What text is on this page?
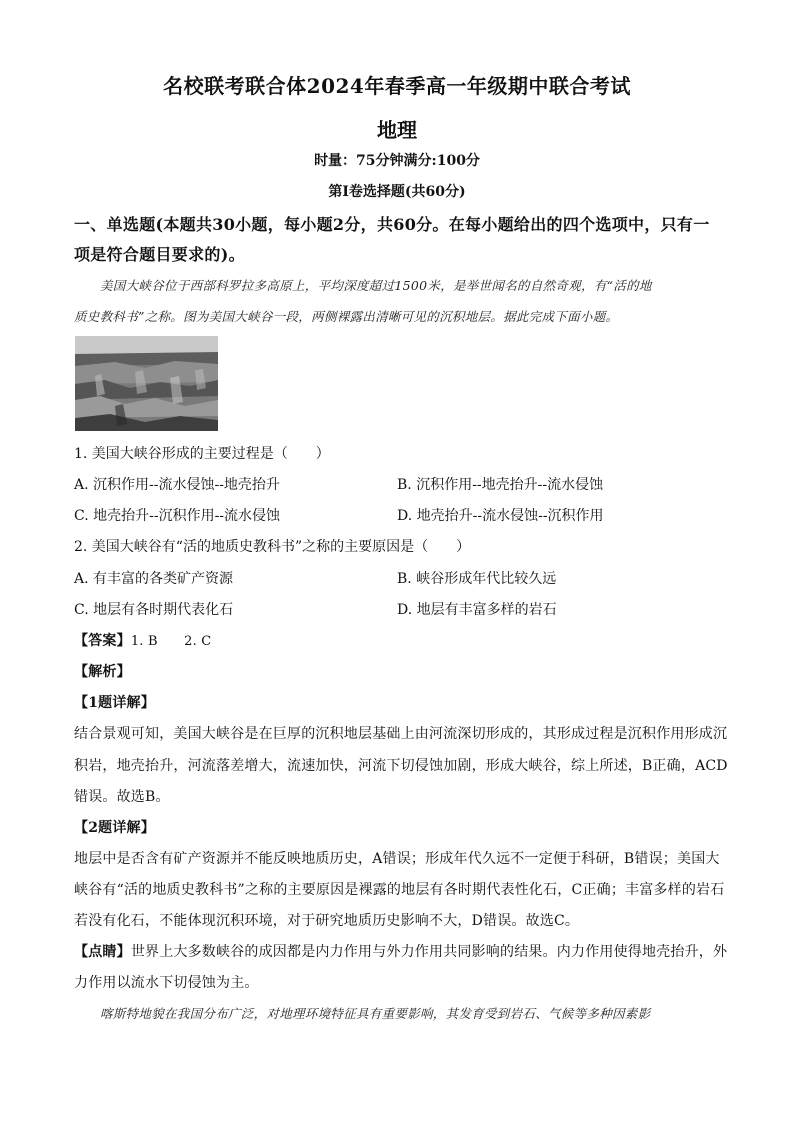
名校联考联合体2024年春季高一年级期中联合考试
地理
时量：75分钟满分:100分
第Ⅰ卷选择题(共60分)
一、单选题(本题共30小题，每小题2分，共60分。在每小题给出的四个选项中，只有一
项是符合题目要求的)。
美国大峡谷位于西部科罗拉多高原上，平均深度超过1500米，是举世闻名的自然奇观，有“活的地
质史教科书”之称。图为美国大峡谷一段，两侧裸露出清晰可见的沉积地层。据此完成下面小题。
1. 美国大峡谷形成的主要过程是（　　）
A. 沉积作用--流水侵蚀--地壳抬升	B. 沉积作用--地壳抬升--流水侵蚀
C. 地壳抬升--沉积作用--流水侵蚀	D. 地壳抬升--流水侵蚀--沉积作用
2. 美国大峡谷有“活的地质史教科书”之称的主要原因是（　　）
A. 有丰富的各类矿产资源	B. 峡谷形成年代比较久远
C. 地层有各时期代表化石	D. 地层有丰富多样的岩石
【答案】1. B　　2. C
【解析】
【1题详解】
结合景观可知，美国大峡谷是在巨厚的沉积地层基础上由河流深切形成的，其形成过程是沉积作用形成沉
积岩，地壳抬升，河流落差增大，流速加快，河流下切侵蚀加剧，形成大峡谷，综上所述，B正确，ACD
错误。故选B。
【2题详解】
地层中是否含有矿产资源并不能反映地质历史，A错误；形成年代久远不一定便于科研，B错误；美国大
峡谷有“活的地质史教科书”之称的主要原因是裸露的地层有各时期代表性化石，C正确；丰富多样的岩石
若没有化石，不能体现沉积环境，对于研究地质历史影响不大，D错误。故选C。
【点睛】世界上大多数峡谷的成因都是内力作用与外力作用共同影响的结果。内力作用使得地壳抬升，外
力作用以流水下切侵蚀为主。
喀斯特地貌在我国分布广泛，对地理环境特征具有重要影响，其发育受到岩石、气候等多种因素影
